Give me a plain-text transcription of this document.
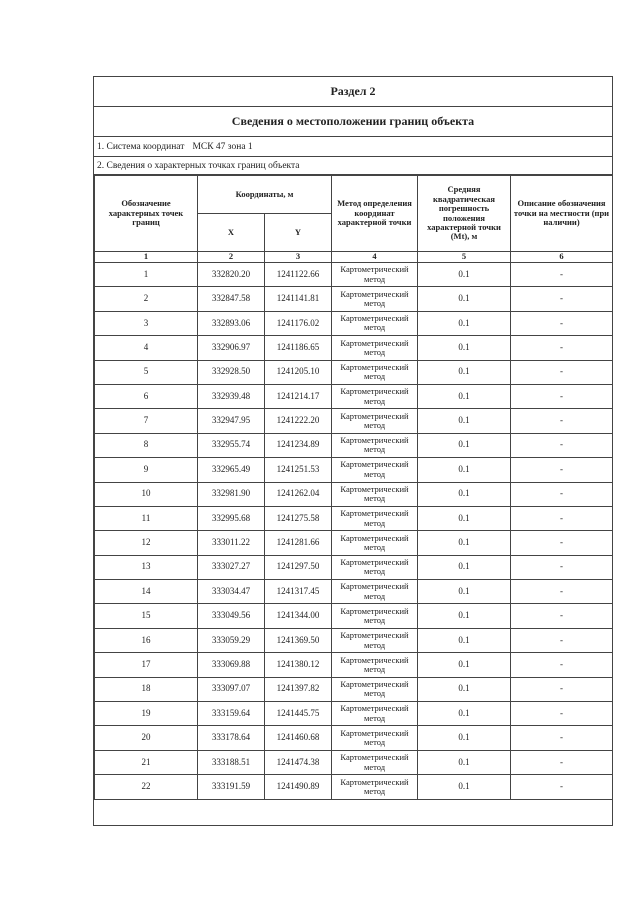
Раздел 2
Сведения о местоположении границ объекта
1. Система координат МСК 47 зона 1
2. Сведения о характерных точках границ объекта
Обозначение характерных точек границ	Координаты, м		Метод определения координат характерной точки	Средняя квадратическая погрешность положения характерной точки (Mt), м	Описание обозначения точки на местности (при наличии)
	X	Y			
1	2	3	4	5	6
1	332820.20	1241122.66	Картометрический метод	0.1	-
2	332847.58	1241141.81	Картометрический метод	0.1	-
3	332893.06	1241176.02	Картометрический метод	0.1	-
4	332906.97	1241186.65	Картометрический метод	0.1	-
5	332928.50	1241205.10	Картометрический метод	0.1	-
6	332939.48	1241214.17	Картометрический метод	0.1	-
7	332947.95	1241222.20	Картометрический метод	0.1	-
8	332955.74	1241234.89	Картометрический метод	0.1	-
9	332965.49	1241251.53	Картометрический метод	0.1	-
10	332981.90	1241262.04	Картометрический метод	0.1	-
11	332995.68	1241275.58	Картометрический метод	0.1	-
12	333011.22	1241281.66	Картометрический метод	0.1	-
13	333027.27	1241297.50	Картометрический метод	0.1	-
14	333034.47	1241317.45	Картометрический метод	0.1	-
15	333049.56	1241344.00	Картометрический метод	0.1	-
16	333059.29	1241369.50	Картометрический метод	0.1	-
17	333069.88	1241380.12	Картометрический метод	0.1	-
18	333097.07	1241397.82	Картометрический метод	0.1	-
19	333159.64	1241445.75	Картометрический метод	0.1	-
20	333178.64	1241460.68	Картометрический метод	0.1	-
21	333188.51	1241474.38	Картометрический метод	0.1	-
22	333191.59	1241490.89	Картометрический метод	0.1	-
